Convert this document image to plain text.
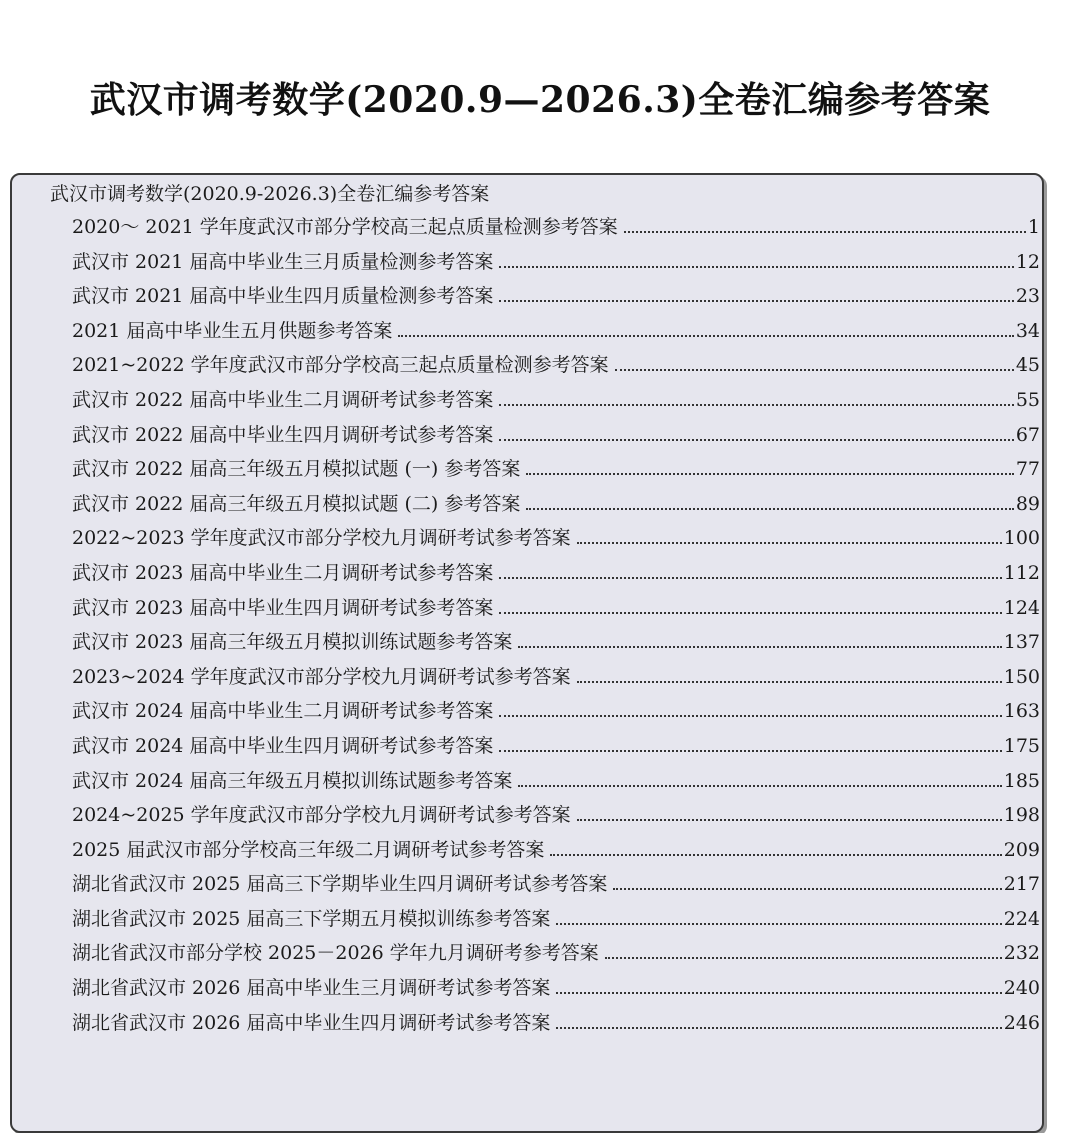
武汉市调考数学(2020.9—2026.3)全卷汇编参考答案
武汉市调考数学(2020.9-2026.3)全卷汇编参考答案
2020～ 2021 学年度武汉市部分学校高三起点质量检测参考答案	1
武汉市 2021 届高中毕业生三月质量检测参考答案	12
武汉市 2021 届高中毕业生四月质量检测参考答案	23
2021 届高中毕业生五月供题参考答案	34
2021~2022 学年度武汉市部分学校高三起点质量检测参考答案	45
武汉市 2022 届高中毕业生二月调研考试参考答案	55
武汉市 2022 届高中毕业生四月调研考试参考答案	67
武汉市 2022 届高三年级五月模拟试题 (一) 参考答案	77
武汉市 2022 届高三年级五月模拟试题 (二) 参考答案	89
2022~2023 学年度武汉市部分学校九月调研考试参考答案	100
武汉市 2023 届高中毕业生二月调研考试参考答案	112
武汉市 2023 届高中毕业生四月调研考试参考答案	124
武汉市 2023 届高三年级五月模拟训练试题参考答案	137
2023~2024 学年度武汉市部分学校九月调研考试参考答案	150
武汉市 2024 届高中毕业生二月调研考试参考答案	163
武汉市 2024 届高中毕业生四月调研考试参考答案	175
武汉市 2024 届高三年级五月模拟训练试题参考答案	185
2024~2025 学年度武汉市部分学校九月调研考试参考答案	198
2025 届武汉市部分学校高三年级二月调研考试参考答案	209
湖北省武汉市 2025 届高三下学期毕业生四月调研考试参考答案	217
湖北省武汉市 2025 届高三下学期五月模拟训练参考答案	224
湖北省武汉市部分学校 2025－2026 学年九月调研考参考答案	232
湖北省武汉市 2026 届高中毕业生三月调研考试参考答案	240
湖北省武汉市 2026 届高中毕业生四月调研考试参考答案	246
